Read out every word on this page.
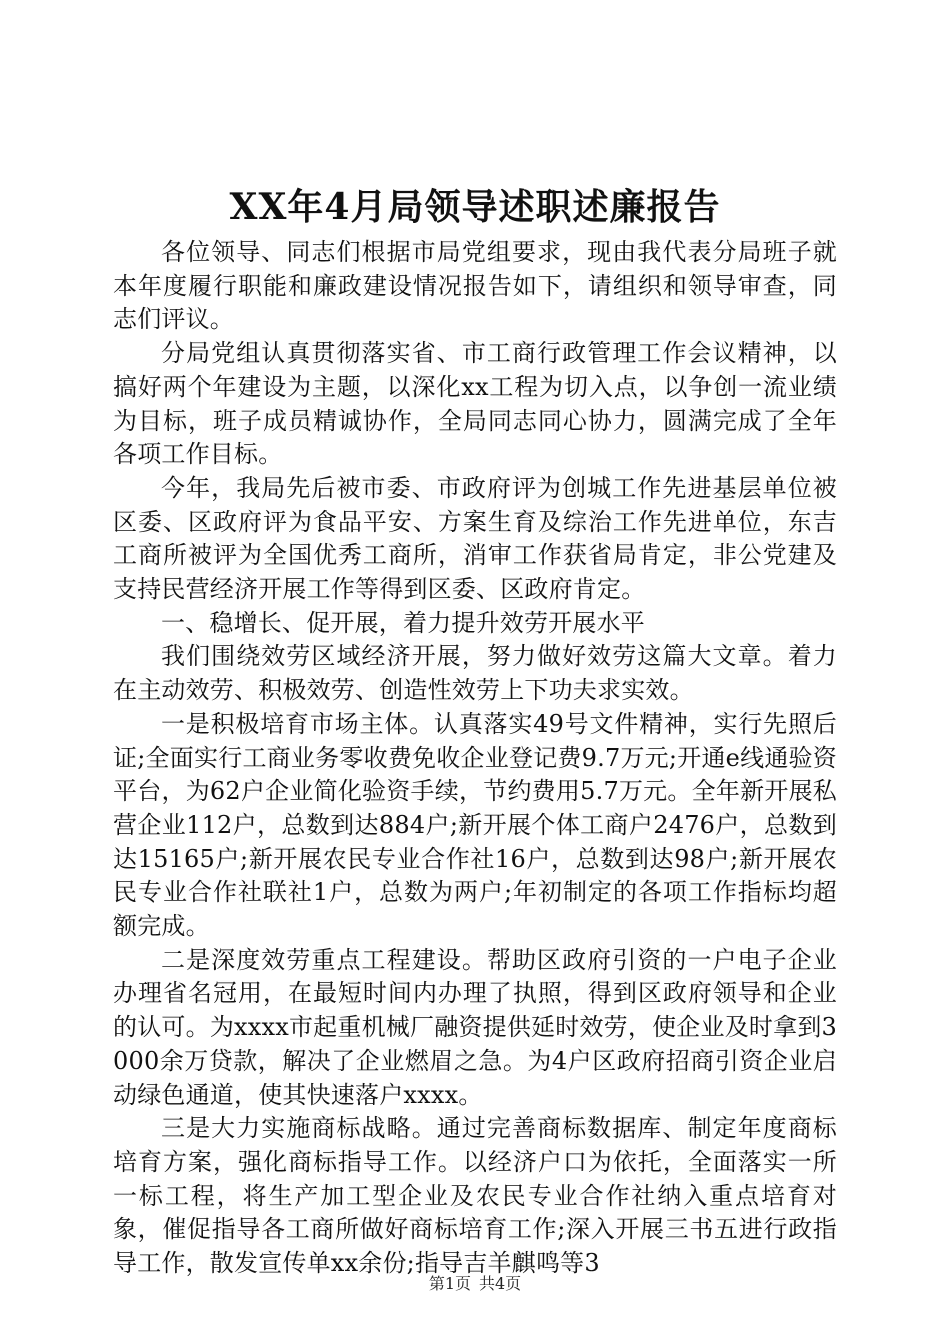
XX年4月局领导述职述廉报告

各位领导、同志们根据市局党组要求，现由我代表分局班子就本年度履行职能和廉政建设情况报告如下，请组织和领导审查，同志们评议。

分局党组认真贯彻落实省、市工商行政管理工作会议精神，以搞好两个年建设为主题，以深化xx工程为切入点，以争创一流业绩为目标，班子成员精诚协作，全局同志同心协力，圆满完成了全年各项工作目标。

今年，我局先后被市委、市政府评为创城工作先进基层单位被区委、区政府评为食品平安、方案生育及综治工作先进单位，东吉工商所被评为全国优秀工商所，消审工作获省局肯定，非公党建及支持民营经济开展工作等得到区委、区政府肯定。

一、稳增长、促开展，着力提升效劳开展水平

我们围绕效劳区域经济开展，努力做好效劳这篇大文章。着力在主动效劳、积极效劳、创造性效劳上下功夫求实效。

一是积极培育市场主体。认真落实49号文件精神，实行先照后证;全面实行工商业务零收费免收企业登记费9.7万元;开通e线通验资平台，为62户企业简化验资手续，节约费用5.7万元。全年新开展私营企业112户，总数到达884户;新开展个体工商户2476户，总数到达15165户;新开展农民专业合作社16户，总数到达98户;新开展农民专业合作社联社1户，总数为两户;年初制定的各项工作指标均超额完成。

二是深度效劳重点工程建设。帮助区政府引资的一户电子企业办理省名冠用，在最短时间内办理了执照，得到区政府领导和企业的认可。为xxxx市起重机械厂融资提供延时效劳，使企业及时拿到3000余万贷款，解决了企业燃眉之急。为4户区政府招商引资企业启动绿色通道，使其快速落户xxxx。

三是大力实施商标战略。通过完善商标数据库、制定年度商标培育方案，强化商标指导工作。以经济户口为依托，全面落实一所一标工程，将生产加工型企业及农民专业合作社纳入重点培育对象，催促指导各工商所做好商标培育工作;深入开展三书五进行政指导工作，散发宣传单xx余份;指导吉羊麒鸣等3

第1页 共4页
